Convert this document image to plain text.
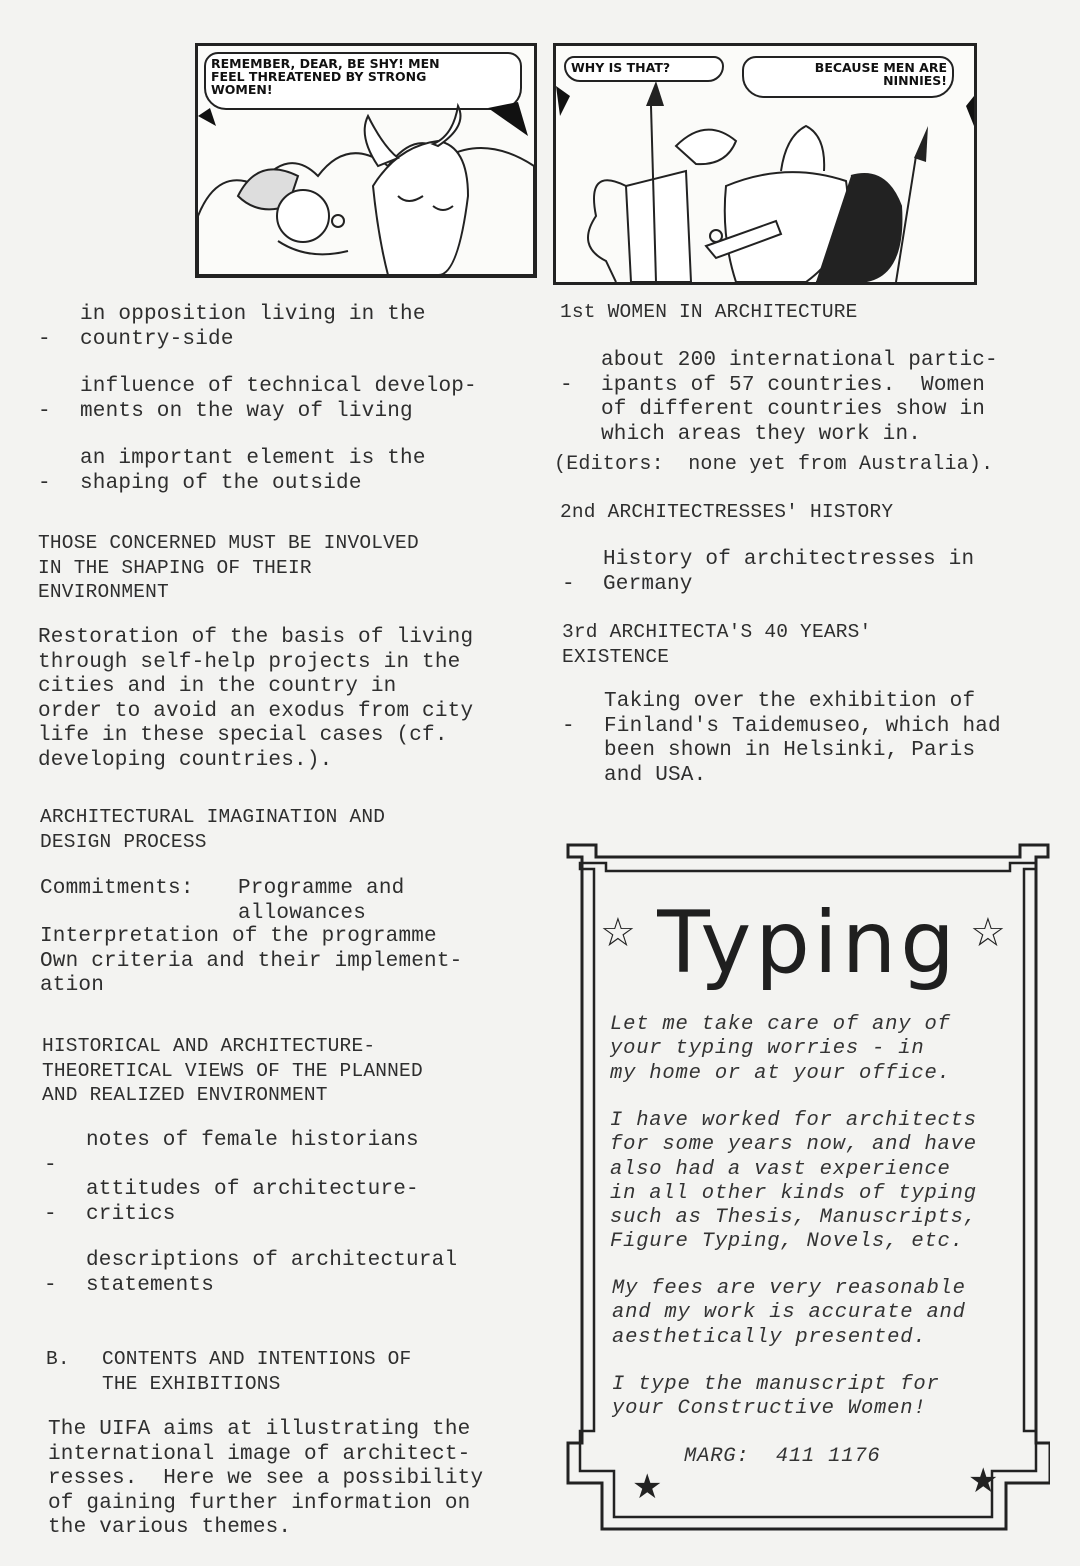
REMEMBER, DEAR, BE SHY! MEN
FEEL THREATENED BY STRONG
WOMEN!
WHY IS THAT?	BECAUSE MEN ARE
NINNIES!

-

in opposition living in the
country-side

-

influence of technical develop-
ments on the way of living

-

an important element is the
shaping of the outside

THOSE CONCERNED MUST BE INVOLVED
IN THE SHAPING OF THEIR
ENVIRONMENT
Restoration of the basis of living
through self-help projects in the
cities and in the country in
order to avoid an exodus from city
life in these special cases (cf.
developing countries.).
ARCHITECTURAL IMAGINATION AND
DESIGN PROCESS
Commitments: Programme and
allowances
Interpretation of the programme
Own criteria and their implement-
ation
HISTORICAL AND ARCHITECTURE-
THEORETICAL VIEWS OF THE PLANNED
AND REALIZED ENVIRONMENT

-

notes of female historians

-

attitudes of architecture-
critics

-

descriptions of architectural
statements

B. CONTENTS AND INTENTIONS OF
THE EXHIBITIONS
The UIFA aims at illustrating the
international image of architect-
resses.  Here we see a possibility
of gaining further information on
the various themes.
1st WOMEN IN ARCHITECTURE

-

about 200 international partic-
ipants of 57 countries.  Women
of different countries show in
which areas they work in.

(Editors:  none yet from Australia).
2nd ARCHITECTRESSES' HISTORY

-

History of architectresses in
Germany

3rd ARCHITECTA'S 40 YEARS'
EXISTENCE

-

Taking over the exhibition of
Finland's Taidemuseo, which had
been shown in Helsinki, Paris
and USA.

☆ Typing ☆
Let me take care of any of
your typing worries - in
my home or at your office.
I have worked for architects
for some years now, and have
also had a vast experience
in all other kinds of typing
such as Thesis, Manuscripts,
Figure Typing, Novels, etc.
My fees are very reasonable
and my work is accurate and
aesthetically presented.
I type the manuscript for
your Constructive Women!
MARG:  411 1176
★	★
